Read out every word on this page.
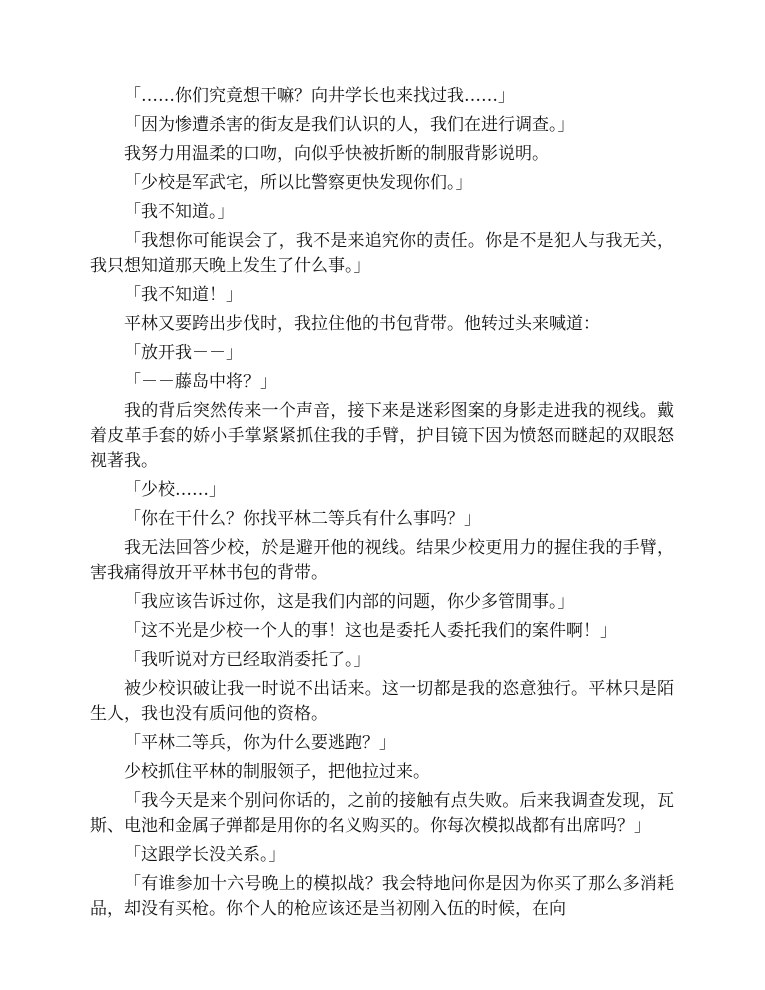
「……你们究竟想干嘛？向井学长也来找过我……」

「因为惨遭杀害的街友是我们认识的人，我们在进行调查。」

我努力用温柔的口吻，向似乎快被折断的制服背影说明。

「少校是军武宅，所以比警察更快发现你们。」

「我不知道。」

「我想你可能误会了，我不是来追究你的责任。你是不是犯人与我无关，我只想知道那天晚上发生了什么事。」

「我不知道！」

平林又要跨出步伐时，我拉住他的书包背带。他转过头来喊道：

「放开我－－」

「－－藤岛中将？」

我的背后突然传来一个声音，接下来是迷彩图案的身影走进我的视线。戴着皮革手套的娇小手掌紧紧抓住我的手臂，护目镜下因为愤怒而瞇起的双眼怒视著我。

「少校……」

「你在干什么？你找平林二等兵有什么事吗？」

我无法回答少校，於是避开他的视线。结果少校更用力的握住我的手臂，害我痛得放开平林书包的背带。

「我应该告诉过你，这是我们内部的问题，你少多管閒事。」

「这不光是少校一个人的事！这也是委托人委托我们的案件啊！」

「我听说对方已经取消委托了。」

被少校识破让我一时说不出话来。这一切都是我的恣意独行。平林只是陌生人，我也没有质问他的资格。

「平林二等兵，你为什么要逃跑？」

少校抓住平林的制服领子，把他拉过来。

「我今天是来个别问你话的，之前的接触有点失败。后来我调查发现，瓦斯、电池和金属子弹都是用你的名义购买的。你每次模拟战都有出席吗？」

「这跟学长没关系。」

「有谁参加十六号晚上的模拟战？我会特地问你是因为你买了那么多消耗品，却没有买枪。你个人的枪应该还是当初刚入伍的时候，在向
